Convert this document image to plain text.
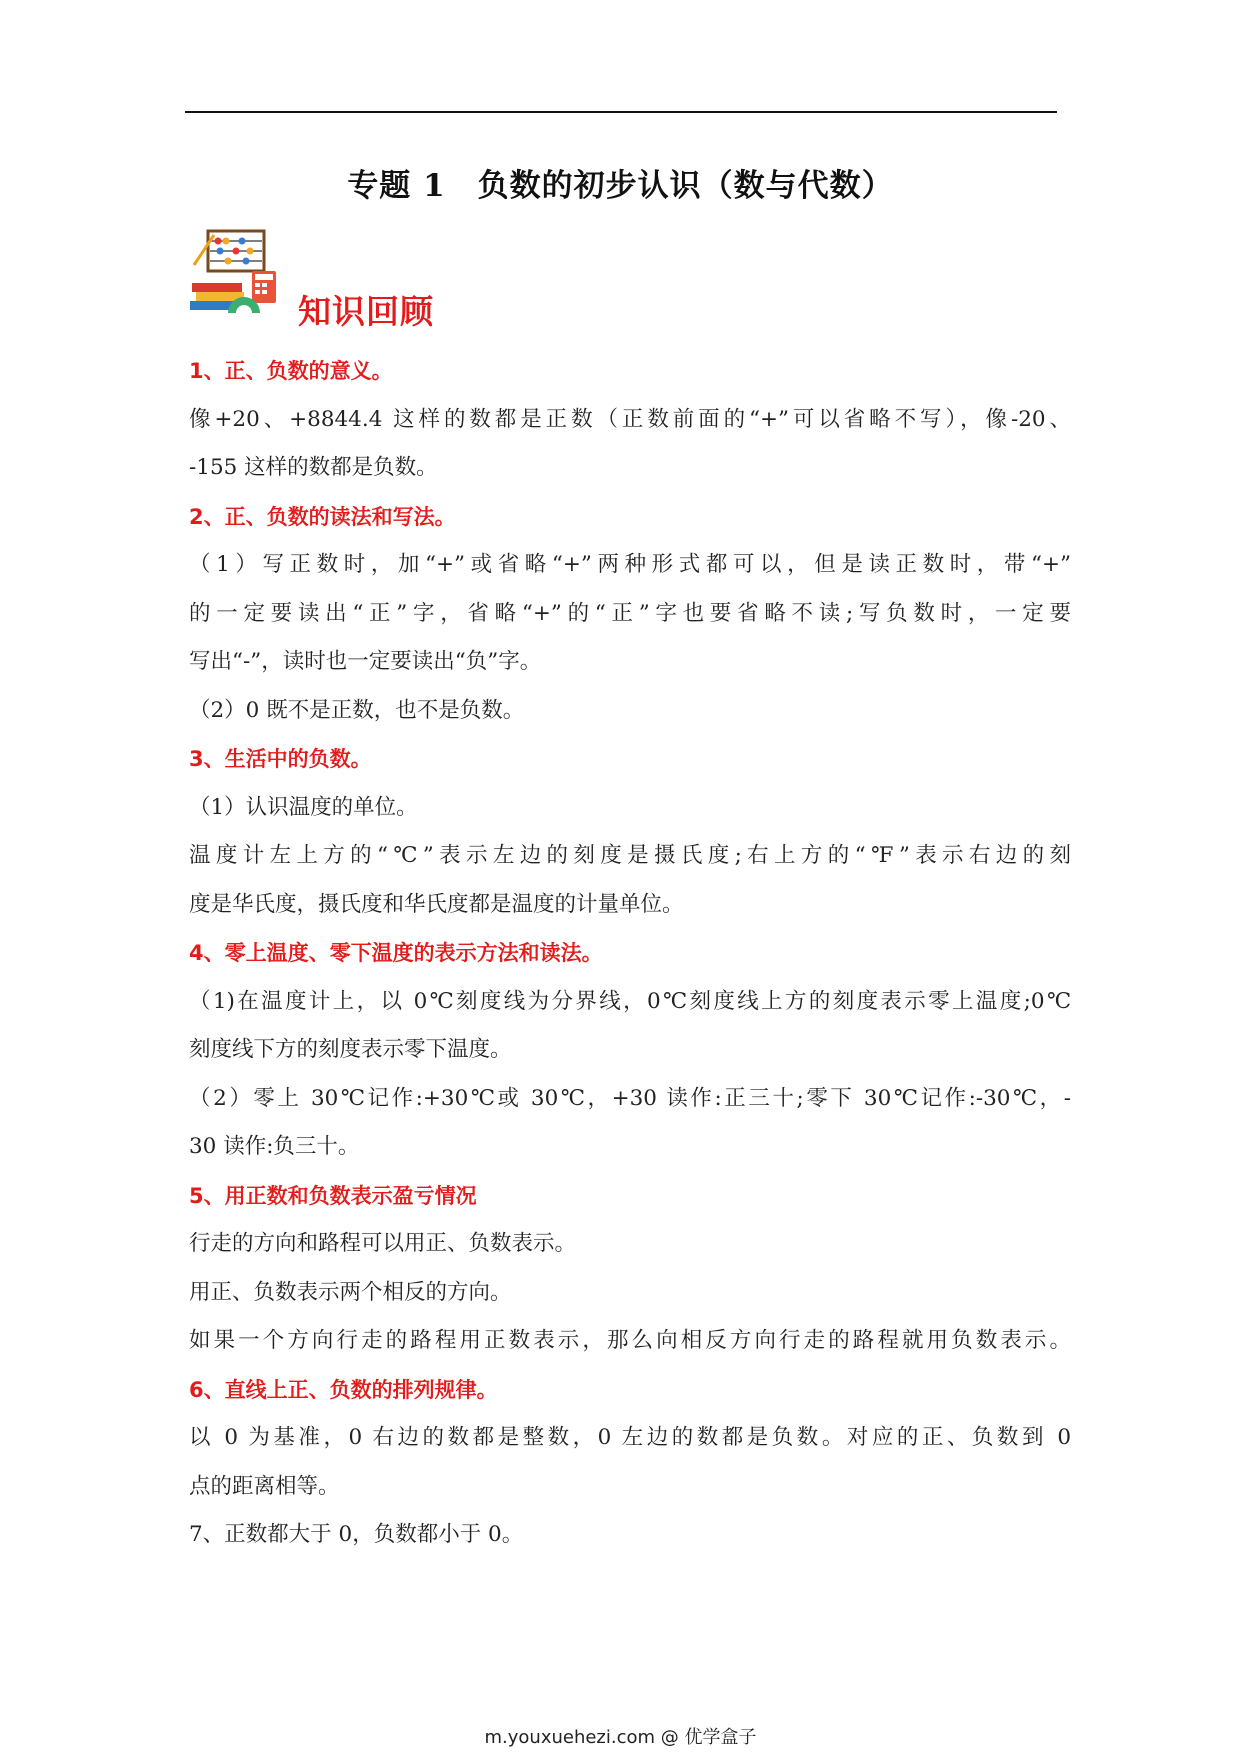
专题 1　负数的初步认识（数与代数）
知识回顾
1、正、负数的意义。
像+20、+8844.4 这样的数都是正数（正数前面的“+”可以省略不写），像-20、
-155 这样的数都是负数。
2、正、负数的读法和写法。
（1）写正数时，加“+”或省略“+”两种形式都可以，但是读正数时，带“+”
的一定要读出“正”字，省略“+”的“正”字也要省略不读;写负数时，一定要
写出“-”，读时也一定要读出“负”字。
（2）0 既不是正数，也不是负数。
3、生活中的负数。
（1）认识温度的单位。
温度计左上方的“℃”表示左边的刻度是摄氏度;右上方的“℉”表示右边的刻
度是华氏度，摄氏度和华氏度都是温度的计量单位。
4、零上温度、零下温度的表示方法和读法。
（1)在温度计上，以 0℃刻度线为分界线，0℃刻度线上方的刻度表示零上温度;0℃
刻度线下方的刻度表示零下温度。
（2）零上 30℃记作:+30℃或 30℃，+30 读作:正三十;零下 30℃记作:-30℃，-
30 读作:负三十。
5、用正数和负数表示盈亏情况
行走的方向和路程可以用正、负数表示。
用正、负数表示两个相反的方向。
如果一个方向行走的路程用正数表示，那么向相反方向行走的路程就用负数表示。
6、直线上正、负数的排列规律。
以 0 为基准，0 右边的数都是整数，0 左边的数都是负数。对应的正、负数到 0
点的距离相等。
7、正数都大于 0，负数都小于 0。
m.youxuehezi.com @ 优学盒子
